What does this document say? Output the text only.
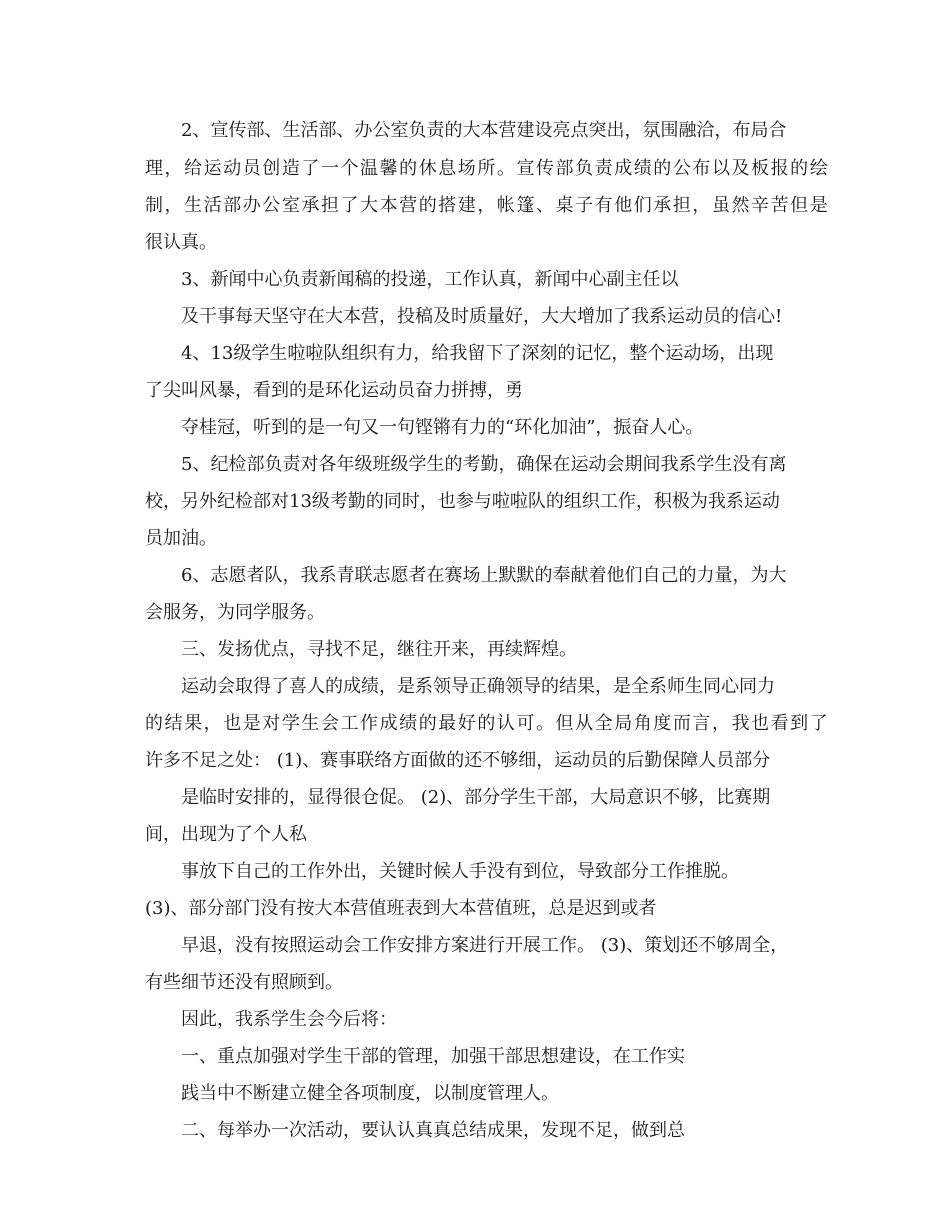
2、宣传部、生活部、办公室负责的大本营建设亮点突出，氛围融洽，布局合

理，给运动员创造了一个温馨的休息场所。宣传部负责成绩的公布以及板报的绘

制，生活部办公室承担了大本营的搭建，帐篷、桌子有他们承担，虽然辛苦但是

很认真。

3、新闻中心负责新闻稿的投递，工作认真，新闻中心副主任以

及干事每天坚守在大本营，投稿及时质量好，大大增加了我系运动员的信心!

4、13级学生啦啦队组织有力，给我留下了深刻的记忆，整个运动场，出现

了尖叫风暴，看到的是环化运动员奋力拼搏，勇

夺桂冠，听到的是一句又一句铿锵有力的“环化加油”，振奋人心。

5、纪检部负责对各年级班级学生的考勤，确保在运动会期间我系学生没有离

校，另外纪检部对13级考勤的同时，也参与啦啦队的组织工作，积极为我系运动

员加油。

6、志愿者队，我系青联志愿者在赛场上默默的奉献着他们自己的力量，为大

会服务，为同学服务。

三、发扬优点，寻找不足，继往开来，再续辉煌。

运动会取得了喜人的成绩，是系领导正确领导的结果，是全系师生同心同力

的结果，也是对学生会工作成绩的最好的认可。但从全局角度而言，我也看到了

许多不足之处： (1)、赛事联络方面做的还不够细，运动员的后勤保障人员部分

是临时安排的，显得很仓促。 (2)、部分学生干部，大局意识不够，比赛期

间，出现为了个人私

事放下自己的工作外出，关键时候人手没有到位，导致部分工作推脱。

(3)、部分部门没有按大本营值班表到大本营值班，总是迟到或者

早退，没有按照运动会工作安排方案进行开展工作。 (3)、策划还不够周全，

有些细节还没有照顾到。

因此，我系学生会今后将：

一、重点加强对学生干部的管理，加强干部思想建设，在工作实

践当中不断建立健全各项制度，以制度管理人。

二、每举办一次活动，要认认真真总结成果，发现不足，做到总
